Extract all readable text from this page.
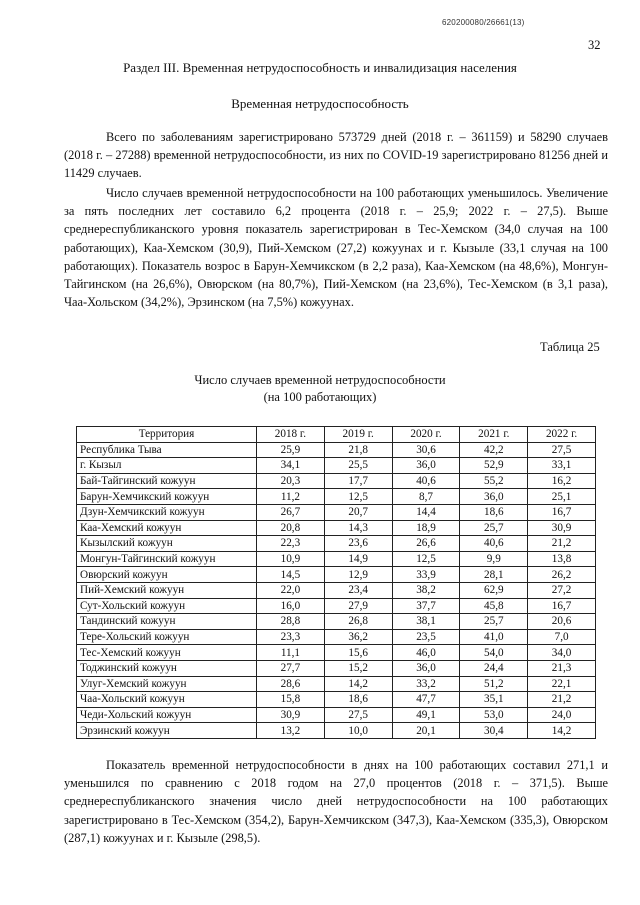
620200080/26661(13)
32
Раздел III. Временная нетрудоспособность и инвалидизация населения
Временная нетрудоспособность

Всего по заболеваниям зарегистрировано 573729 дней (2018 г. – 361159) и 58290 случаев (2018 г. – 27288) временной нетрудоспособности, из них по COVID-19 зарегистрировано 81256 дней и 11429 случаев.

Число случаев временной нетрудоспособности на 100 работающих уменьшилось. Увеличение за пять последних лет составило 6,2 процента (2018 г. – 25,9; 2022 г. – 27,5). Выше среднереспубликанского уровня показатель зарегистрирован в Тес-Хемском (34,0 случая на 100 работающих), Каа-Хемском (30,9), Пий-Хемском (27,2) кожуунах и г. Кызыле (33,1 случая на 100 работающих). Показатель возрос в Барун-Хемчикском (в 2,2 раза), Каа-Хемском (на 48,6%), Монгун-Тайгинском (на 26,6%), Овюрском (на 80,7%), Пий-Хемском (на 23,6%), Тес-Хемском (в 3,1 раза), Чаа-Хольском (34,2%), Эрзинском (на 7,5%) кожуунах.

Таблица 25
Число случаев временной нетрудоспособности
(на 100 работающих)
Территория	2018 г.	2019 г.	2020 г.	2021 г.	2022 г.
Республика Тыва	25,9	21,8	30,6	42,2	27,5
г. Кызыл	34,1	25,5	36,0	52,9	33,1
Бай-Тайгинский кожуун	20,3	17,7	40,6	55,2	16,2
Барун-Хемчикский кожуун	11,2	12,5	8,7	36,0	25,1
Дзун-Хемчикский кожуун	26,7	20,7	14,4	18,6	16,7
Каа-Хемский кожуун	20,8	14,3	18,9	25,7	30,9
Кызылский кожуун	22,3	23,6	26,6	40,6	21,2
Монгун-Тайгинский кожуун	10,9	14,9	12,5	9,9	13,8
Овюрский кожуун	14,5	12,9	33,9	28,1	26,2
Пий-Хемский кожуун	22,0	23,4	38,2	62,9	27,2
Сут-Хольский кожуун	16,0	27,9	37,7	45,8	16,7
Тандинский кожуун	28,8	26,8	38,1	25,7	20,6
Тере-Хольский кожуун	23,3	36,2	23,5	41,0	7,0
Тес-Хемский кожуун	11,1	15,6	46,0	54,0	34,0
Тоджинский кожуун	27,7	15,2	36,0	24,4	21,3
Улуг-Хемский кожуун	28,6	14,2	33,2	51,2	22,1
Чаа-Хольский кожуун	15,8	18,6	47,7	35,1	21,2
Чеди-Хольский кожуун	30,9	27,5	49,1	53,0	24,0
Эрзинский кожуун	13,2	10,0	20,1	30,4	14,2

Показатель временной нетрудоспособности в днях на 100 работающих составил 271,1 и уменьшился по сравнению с 2018 годом на 27,0 процентов (2018 г. – 371,5). Выше среднереспубликанского значения число дней нетрудоспособности на 100 работающих зарегистрировано в Тес-Хемском (354,2), Барун-Хемчикском (347,3), Каа-Хемском (335,3), Овюрском (287,1) кожуунах и г. Кызыле (298,5).
